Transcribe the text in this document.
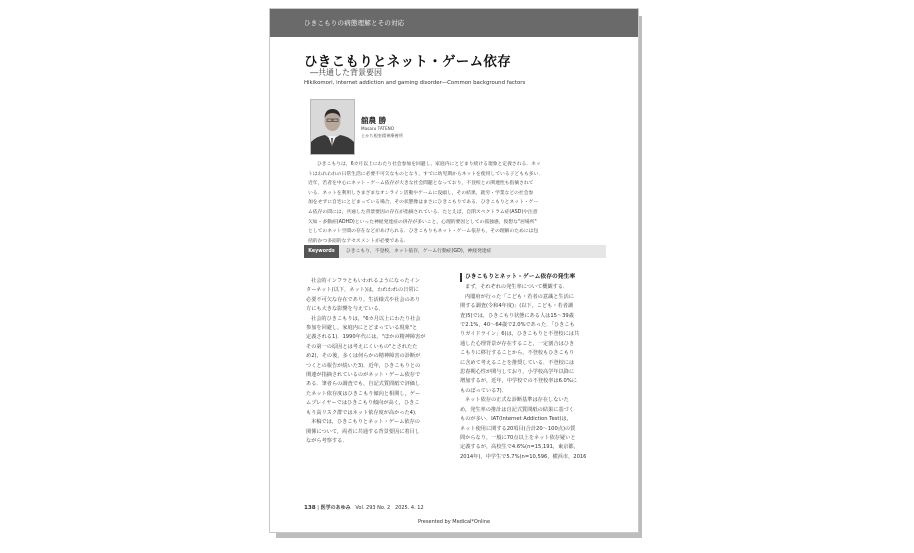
ひきこもりの病態理解とその対応
ひきこもりとネット・ゲーム依存
―共通した背景要因
Hikikomori, internet addiction and gaming disorder―Common background factors
舘農 勝
Masaru TATENO
とかち根室精神療養所
ひきこもりは，6カ月以上にわたり社会参加を回避し，家庭内にとどまり続ける現象と定義される．ネッ
トはわれわれの日常生活に必要不可欠なものとなり，すでに幼児期からネットを使用している子どもも多い．
近年，若者を中心にネット・ゲーム依存が大きな社会問題となっており，不登校との関連性も指摘されて
いる．ネットを利用しさまざまなオンライン活動やゲームに没頭し，その結果，就労・学業などの社会参
加をせずに自宅にとどまっている場合，その状態像はまさにひきこもりである．ひきこもりとネット・ゲー
ム依存の間には，共通した背景要因の存在が指摘されている．たとえば，自閉スペクトラム症(ASD)や注意
欠如・多動症(ADHD)といった神経発達症の併存が多いこと，心理的要因としての孤独感，仮想な"居場所"
としてのネット空間の存在などがあげられる．ひきこもりもネット・ゲーム依存も，その理解のためには包
括的かつ多面的なアセスメントが必要である．
Keywords	ひきこもり，不登校，ネット依存，ゲーム行動症(GD)，神経発達症
社会的インフラともいわれるようになったイン
ターネット(以下，ネット)は，われわれの日常に
必要不可欠な存在であり，生活様式や社会のあり
方にも大きな影響を与えている．
社会的ひきこもりは，"6カ月以上にわたり社会
参加を回避し，家庭内にとどまっている現象"と
定義される1)．1990年代には，"ほかの精神障害が
その第一の原因とは考えにくいもの"とされたた
め2)，その後，多くは何らかの精神障害の診断が
つくとの報告が続いた3)．近年，ひきこもりとの
関連が指摘されているのがネット・ゲーム依存で
ある．筆者らの調査でも，自記式質問紙で評価し
たネット依存度はひきこもり傾向と相関し，ゲー
ムプレイヤーではひきこもり傾向が高く，ひきこ
もり高リスク群ではネット依存度が高かった4)．
本稿では，ひきこもりとネット・ゲーム依存の
関係について，両者に共通する背景要因に着目し
ながら考察する．
ひきこもりとネット・ゲーム依存の発生率
まず，それぞれの発生率について概観する．
内閣府が行った「こども・若者の意識と生活に
関する調査(令和4年度)」(以下，こども・若者調
査)5)では，ひきこもり状態にある人は15〜39歳
で2.1%，40〜64歳で2.0%であった．「ひきこも
りガイドライン」6)は，ひきこもりと不登校には共
通した心理背景が存在すること，一定割合はひき
こもりに移行することから，不登校もひきこもり
に含めて考えることを推奨している．不登校には
思春期心性が関与しており，小学校高学年以降に
増加するが，近年，中学校での不登校率は6.0%に
ものぼっている7)．
ネット依存の正式な診断基準は存在しないた
め，発生率の推計は自記式質問紙の結果に基づく
ものが多い．IAT(Internet Addiction Test)は，
ネット使用に関する20項目(合計20〜100点)の質
問からなり，一般に70点以上をネット依存疑いと
定義するが，高校生で4.6%(n=15,191，東京都，
2014年)，中学生で5.7%(n=10,596，横浜市，2016
138 | 医学のあゆみ Vol. 293 No. 2 2025. 4. 12
Presented by Medical*Online
